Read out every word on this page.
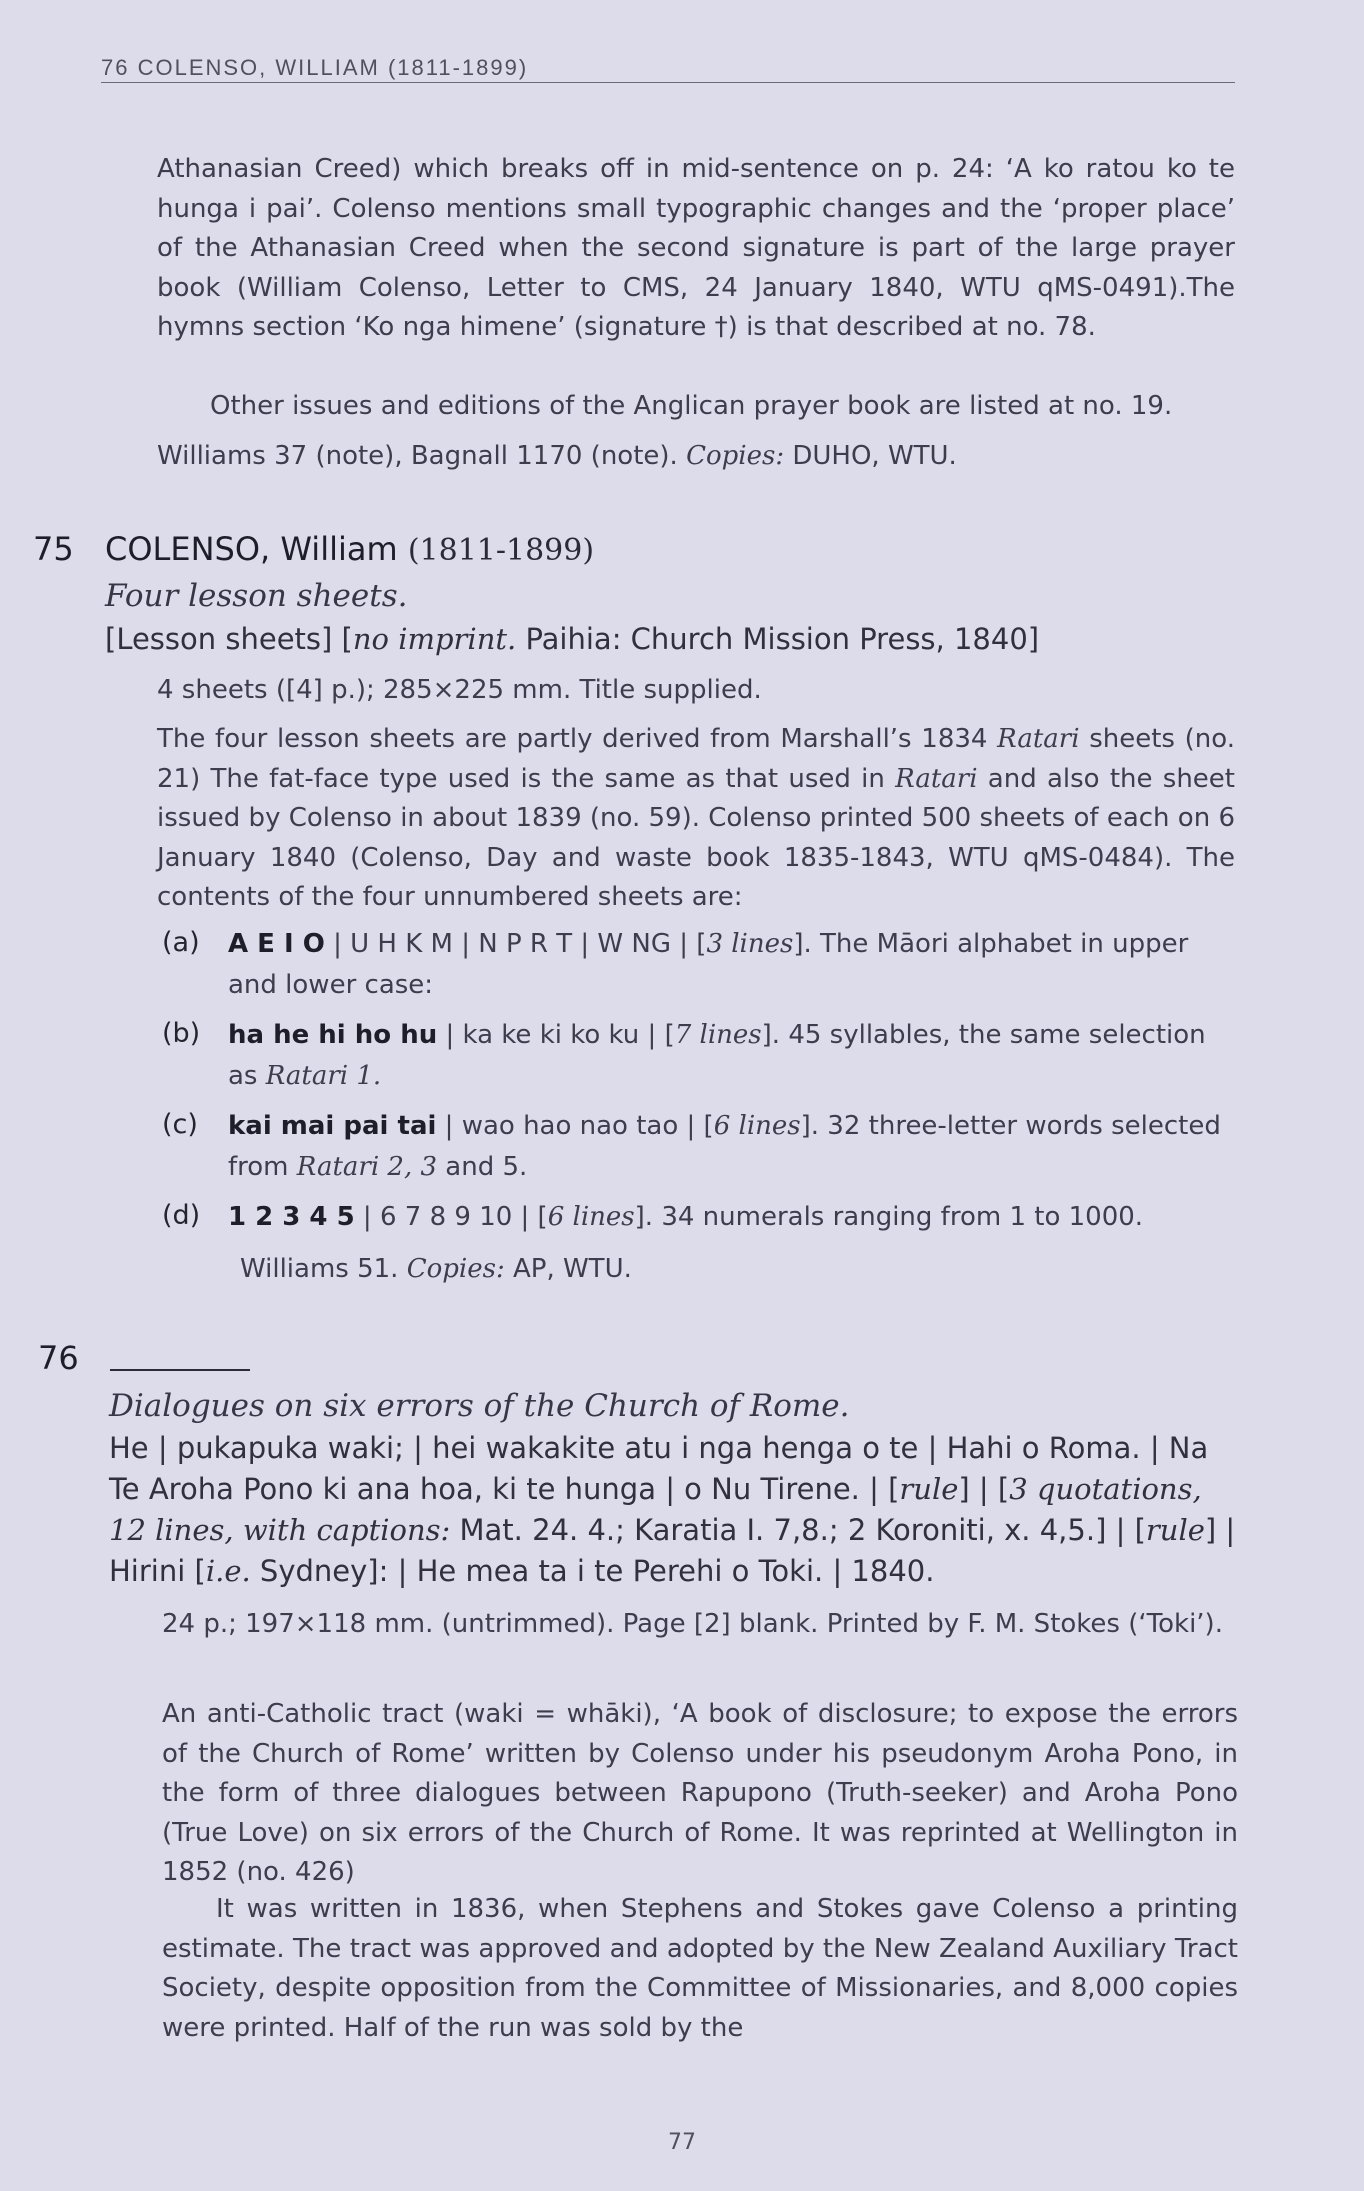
76 COLENSO, WILLIAM (1811-1899)

Athanasian Creed) which breaks off in mid-sentence on p. 24: ‘A ko ratou ko te hunga i pai’. Colenso mentions small typographic changes and the ‘proper place’ of the Athanasian Creed when the second signature is part of the large prayer book (William Colenso, Letter to CMS, 24 January 1840, WTU qMS-0491).The hymns section ‘Ko nga himene’ (signature †) is that described at no. 78.

Other issues and editions of the Anglican prayer book are listed at no. 19.

Williams 37 (note), Bagnall 1170 (note). Copies: DUHO, WTU.

75 COLENSO, William (1811-1899)
Four lesson sheets.
[Lesson sheets] [no imprint. Paihia: Church Mission Press, 1840]

4 sheets ([4] p.); 285×225 mm. Title supplied.

The four lesson sheets are partly derived from Marshall’s 1834 Ratari sheets (no. 21) The fat-face type used is the same as that used in Ratari and also the sheet issued by Colenso in about 1839 (no. 59). Colenso printed 500 sheets of each on 6 January 1840 (Colenso, Day and waste book 1835-1843, WTU qMS-0484). The contents of the four unnumbered sheets are:

(a) A E I O | U H K M | N P R T | W NG | [3 lines]. The Māori alphabet in upper and lower case:
(b) ha he hi ho hu | ka ke ki ko ku | [7 lines]. 45 syllables, the same selection as Ratari 1.
(c) kai mai pai tai | wao hao nao tao | [6 lines]. 32 three-letter words selected from Ratari 2, 3 and 5.
(d) 1 2 3 4 5 | 6 7 8 9 10 | [6 lines]. 34 numerals ranging from 1 to 1000.

Williams 51. Copies: AP, WTU.

76
Dialogues on six errors of the Church of Rome.
He | pukapuka waki; | hei wakakite atu i nga henga o te | Hahi o Roma. | Na Te Aroha Pono ki ana hoa, ki te hunga | o Nu Tirene. | [rule] | [3 quotations, 12 lines, with captions: Mat. 24. 4.; Karatia I. 7,8.; 2 Koroniti, x. 4,5.] | [rule] | Hirini [i.e. Sydney]: | He mea ta i te Perehi o Toki. | 1840.

24 p.; 197×118 mm. (untrimmed). Page [2] blank. Printed by F. M. Stokes (‘Toki’).

An anti-Catholic tract (waki = whāki), ‘A book of disclosure; to expose the errors of the Church of Rome’ written by Colenso under his pseudonym Aroha Pono, in the form of three dialogues between Rapupono (Truth-seeker) and Aroha Pono (True Love) on six errors of the Church of Rome. It was reprinted at Wellington in 1852 (no. 426)

It was written in 1836, when Stephens and Stokes gave Colenso a printing estimate. The tract was approved and adopted by the New Zealand Auxiliary Tract Society, despite opposition from the Committee of Missionaries, and 8,000 copies were printed. Half of the run was sold by the

77
